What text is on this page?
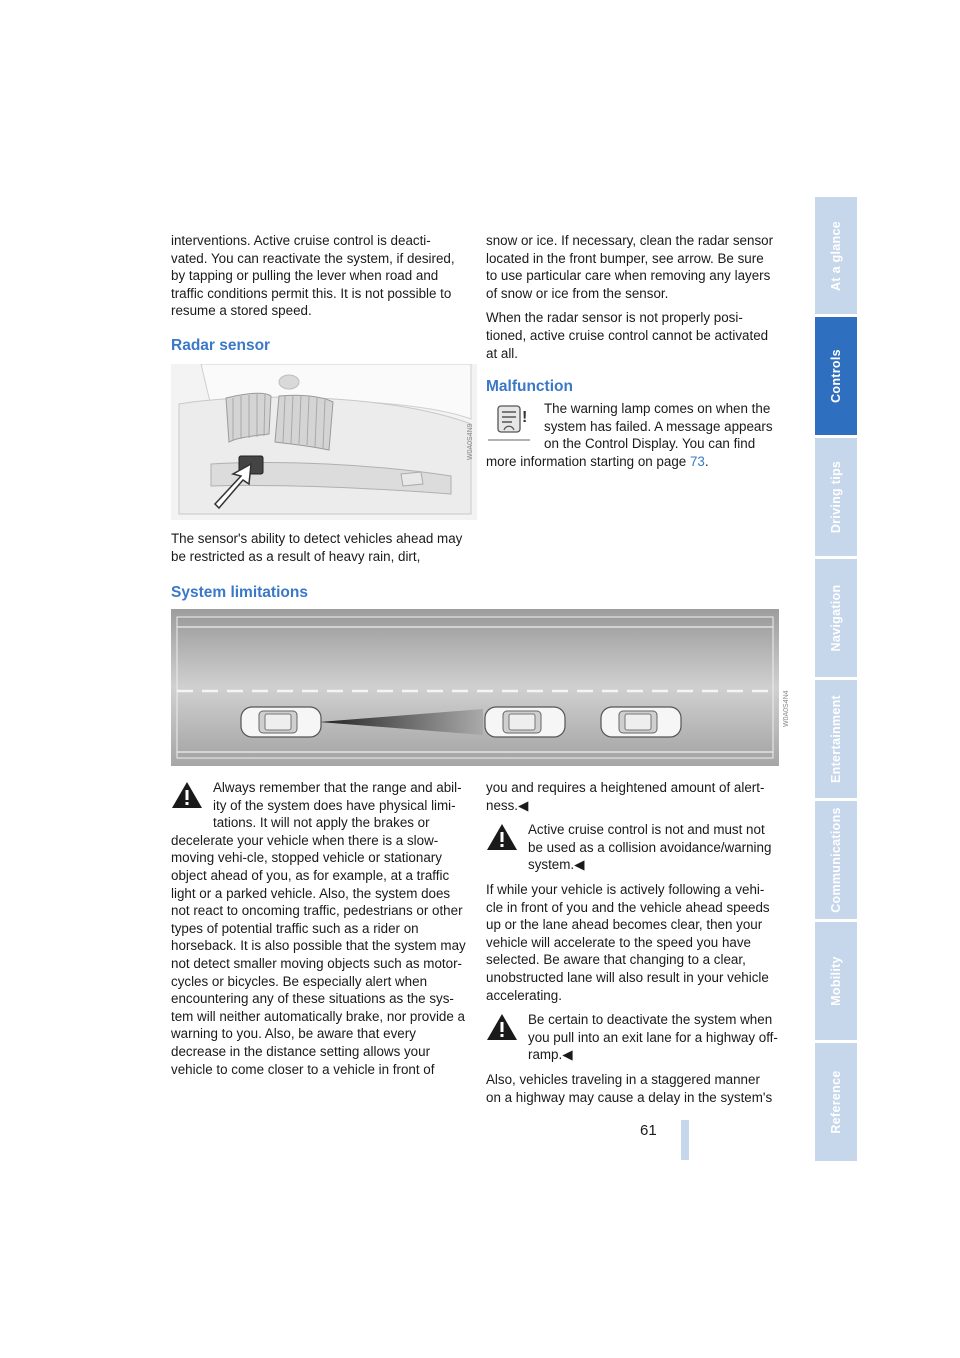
interventions. Active cruise control is deacti-vated. You can reactivate the system, if desired, by tapping or pulling the lever when road and traffic conditions permit this. It is not possible to resume a stored speed.

Radar sensor
W0A0S4N9

The sensor's ability to detect vehicles ahead may be restricted as a result of heavy rain, dirt,

snow or ice. If necessary, clean the radar sensor located in the front bumper, see arrow. Be sure to use particular care when removing any layers of snow or ice from the sensor.

When the radar sensor is not properly posi-tioned, active cruise control cannot be activated at all.

Malfunction
!

The warning lamp comes on when the system has failed. A message appears on the Control Display. You can find more information starting on page 73.

System limitations
W0A0S4N4

Always remember that the range and abil-ity of the system does have physical limi-tations. It will not apply the brakes or decelerate your vehicle when there is a slow-moving vehi-cle, stopped vehicle or stationary object ahead of you, as for example, at a traffic light or a parked vehicle. Also, the system does not react to oncoming traffic, pedestrians or other types of potential traffic such as a rider on horseback. It is also possible that the system may not detect smaller moving objects such as motor-cycles or bicycles. Be especially alert when encountering any of these situations as the sys-tem will neither automatically brake, nor provide a warning to you. Also, be aware that every decrease in the distance setting allows your vehicle to come closer to a vehicle in front of

you and requires a heightened amount of alert-ness.◀

Active cruise control is not and must not be used as a collision avoidance/warning system.◀

If while your vehicle is actively following a vehi-cle in front of you and the vehicle ahead speeds up or the lane ahead becomes clear, then your vehicle will accelerate to the speed you have selected. Be aware that changing to a clear, unobstructed lane will also result in your vehicle accelerating.

Be certain to deactivate the system when you pull into an exit lane for a highway off-ramp.◀

Also, vehicles traveling in a staggered manner on a highway may cause a delay in the system's

61
At a glance
Controls
Driving tips
Navigation
Entertainment
Communications
Mobility
Reference
